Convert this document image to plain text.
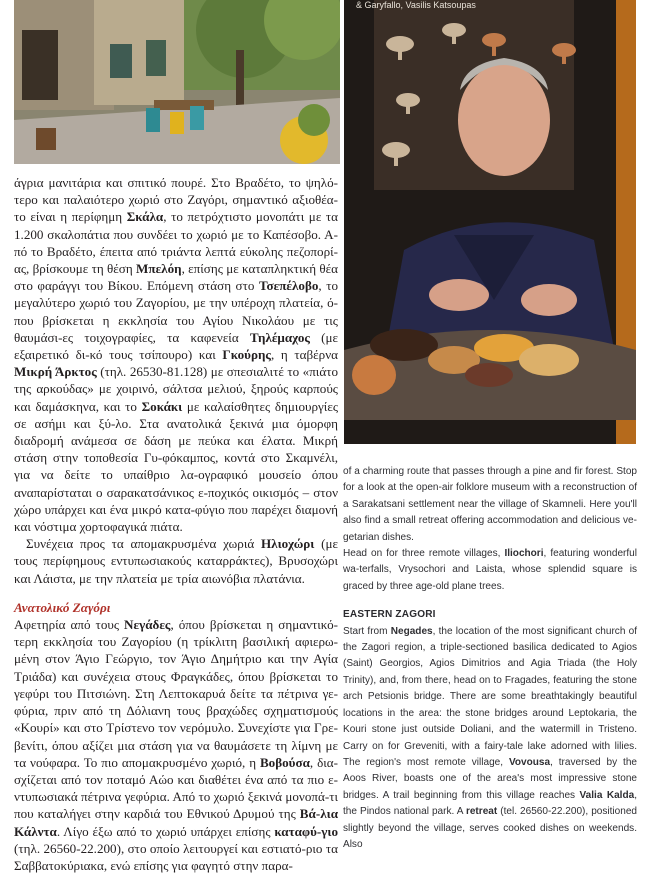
& Garyfallo, Vasilis Katsoupas

άγρια μανιτάρια και σπιτικό πουρέ. Στο Βραδέτο, το ψηλό-τερο και παλαιότερο χωριό στο Ζαγόρι, σημαντικό αξιοθέα-το είναι η περίφημη Σκάλα, το πετρόχτιστο μονοπάτι με τα 1.200 σκαλοπάτια που συνδέει το χωριό με το Καπέσοβο. Α-πό το Βραδέτο, έπειτα από τριάντα λεπτά εύκολης πεζοπορί-ας, βρίσκουμε τη θέση Μπελόη, επίσης με καταπληκτική θέα στο φαράγγι του Βίκου. Επόμενη στάση στο Τσεπέλοβο, το μεγαλύτερο χωριό του Ζαγορίου, με την υπέροχη πλατεία, ό-που βρίσκεται η εκκλησία του Αγίου Νικολάου με τις θαυμάσι-ες τοιχογραφίες, τα καφενεία Τηλέμαχος (με εξαιρετικό δι-κό τους τσίπουρο) και Γκούρης, η ταβέρνα Μικρή Άρκτος (τηλ. 26530-81.128) με σπεσιαλιτέ το «πιάτο της αρκούδας» με χοιρινό, σάλτσα μελιού, ξηρούς καρπούς και δαμάσκηνα, και το Σοκάκι με καλαίσθητες δημιουργίες σε ασήμι και ξύ-λο. Στα ανατολικά ξεκινά μια όμορφη διαδρομή ανάμεσα σε δάση με πεύκα και έλατα. Μικρή στάση στην τοποθεσία Γυ-φόκαμπος, κοντά στο Σκαμνέλι, για να δείτε το υπαίθριο λα-ογραφικό μουσείο όπου αναπαρίσταται ο σαρακατσάνικος ε-ποχικός οικισμός – στον χώρο υπάρχει και ένα μικρό κατα-φύγιο που παρέχει διαμονή και νόστιμα χορτοφαγικά πιάτα.

Συνέχεια προς τα απομακρυσμένα χωριά Ηλιοχώρι (με τους περίφημους εντυπωσιακούς καταρράκτες), Βρυσοχώρι και Λάιστα, με την πλατεία με τρία αιωνόβια πλατάνια.

Ανατολικό Ζαγόρι

Αφετηρία από τους Νεγάδες, όπου βρίσκεται η σημαντικό-τερη εκκλησία του Ζαγορίου (η τρίκλιτη βασιλική αφιερω-μένη στον Άγιο Γεώργιο, τον Άγιο Δημήτριο και την Αγία Τριάδα) και συνέχεια στους Φραγκάδες, όπου βρίσκεται το γεφύρι του Πιτσιώνη. Στη Λεπτοκαρυά δείτε τα πέτρινα γε-φύρια, πριν από τη Δόλιανη τους βραχώδες σχηματισμούς «Κουρί» και στο Τρίστενο τον νερόμυλο. Συνεχίστε για Γρε-βενίτι, όπου αξίζει μια στάση για να θαυμάσετε τη λίμνη με τα νούφαρα. Το πιο απομακρυσμένο χωριό, η Βοβούσα, δια-σχίζεται από τον ποταμό Αώο και διαθέτει ένα από τα πιο ε-ντυπωσιακά πέτρινα γεφύρια. Από το χωριό ξεκινά μονοπά-τι που καταλήγει στην καρδιά του Εθνικού Δρυμού της Βά-λια Κάλντα. Λίγο έξω από το χωριό υπάρχει επίσης καταφύ-γιο (τηλ. 26560-22.200), στο οποίο λειτουργεί και εστιατό-ριο τα Σαββατοκύριακα, ενώ επίσης για φαγητό στην παρα-

of a charming route that passes through a pine and fir forest. Stop for a look at the open-air folklore museum with a reconstruction of a Sarakatsani settlement near the village of Skamneli. Here you'll also find a small retreat offering accommodation and delicious ve-getarian dishes.

Head on for three remote villages, Iliochori, featuring wonderful wa-terfalls, Vrysochori and Laista, whose splendid square is graced by three age-old plane trees.

EASTERN ZAGORI

Start from Negades, the location of the most significant church of the Zagori region, a triple-sectioned basilica dedicated to Agios (Saint) Georgios, Agios Dimitrios and Agia Triada (the Holy Trinity), and, from there, head on to Fragades, featuring the stone arch Petsionis bridge. There are some breathtakingly beautiful locations in the area: the stone bridges around Leptokaria, the Kouri stone just outside Doliani, and the watermill in Tristeno. Carry on for Greveniti, with a fairy-tale lake adorned with lilies. The region's most remote village, Vovousa, traversed by the Aoos River, boasts one of the area's most impressive stone bridges. A trail beginning from this village reaches Valia Kalda, the Pindos national park. A retreat (tel. 26560-22.200), positioned slightly beyond the village, serves cooked dishes on weekends. Also
